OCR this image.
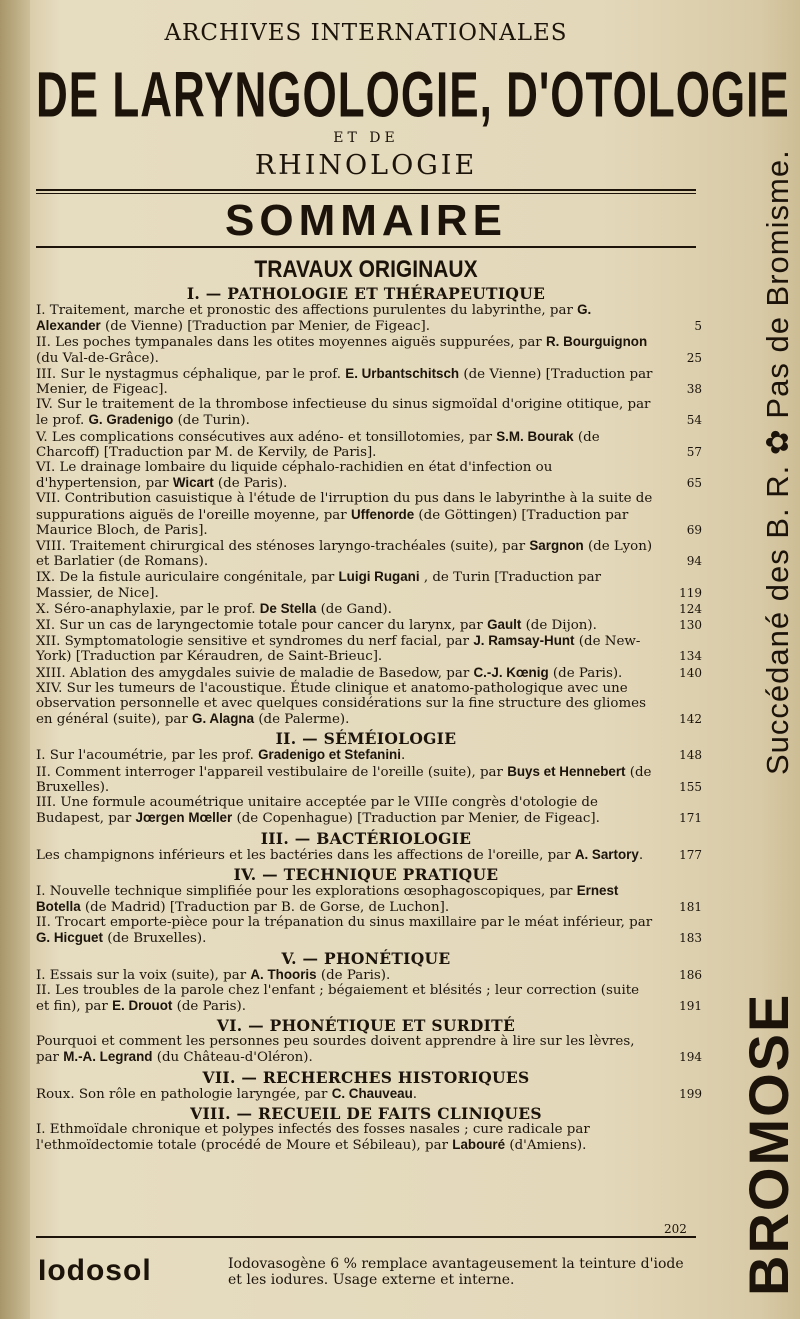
ARCHIVES INTERNATIONALES
DE LARYNGOLOGIE, D'OTOLOGIE
ET DE
RHINOLOGIE
SOMMAIRE
TRAVAUX ORIGINAUX
I. — PATHOLOGIE ET THÉRAPEUTIQUE
I. Traitement, marche et pronostic des affections purulentes du labyrinthe, par G. Alexander (de Vienne) [Traduction par Menier, de Figeac].	5
II. Les poches tympanales dans les otites moyennes aiguës suppurées, par R. Bourguignon (du Val-de-Grâce).	25
III. Sur le nystagmus céphalique, par le prof. E. Urbantschitsch (de Vienne) [Traduction par Menier, de Figeac].	38
IV. Sur le traitement de la thrombose infectieuse du sinus sigmoïdal d'origine otitique, par le prof. G. Gradenigo (de Turin).	54
V. Les complications consécutives aux adéno- et tonsillotomies, par S.M. Bourak (de Charcoff) [Traduction par M. de Kervily, de Paris].	57
VI. Le drainage lombaire du liquide céphalo-rachidien en état d'infection ou d'hypertension, par Wicart (de Paris).	65
VII. Contribution casuistique à l'étude de l'irruption du pus dans le labyrinthe à la suite de suppurations aiguës de l'oreille moyenne, par Uffenorde (de Göttingen) [Traduction par Maurice Bloch, de Paris].	69
VIII. Traitement chirurgical des sténoses laryngo-trachéales (suite), par Sargnon (de Lyon) et Barlatier (de Romans).	94
IX. De la fistule auriculaire congénitale, par Luigi Rugani , de Turin [Traduction par Massier, de Nice].	119
X. Séro-anaphylaxie, par le prof. De Stella (de Gand).	124
XI. Sur un cas de laryngectomie totale pour cancer du larynx, par Gault (de Dijon).	130
XII. Symptomatologie sensitive et syndromes du nerf facial, par J. Ramsay-Hunt (de New-York) [Traduction par Kéraudren, de Saint-Brieuc].	134
XIII. Ablation des amygdales suivie de maladie de Basedow, par C.-J. Kœnig (de Paris).	140
XIV. Sur les tumeurs de l'acoustique. Étude clinique et anatomo-pathologique avec une observation personnelle et avec quelques considérations sur la fine structure des gliomes en général (suite), par G. Alagna (de Palerme).	142
II. — SÉMÉIOLOGIE
I. Sur l'acoumétrie, par les prof. Gradenigo et Stefanini.	148
II. Comment interroger l'appareil vestibulaire de l'oreille (suite), par Buys et Hennebert (de Bruxelles).	155
III. Une formule acoumétrique unitaire acceptée par le VIIIe congrès d'otologie de Budapest, par Jœrgen Mœller (de Copenhague) [Traduction par Menier, de Figeac].	171
III. — BACTÉRIOLOGIE
Les champignons inférieurs et les bactéries dans les affections de l'oreille, par A. Sartory.	177
IV. — TECHNIQUE PRATIQUE
I. Nouvelle technique simplifiée pour les explorations œsophagoscopiques, par Ernest Botella (de Madrid) [Traduction par B. de Gorse, de Luchon].	181
II. Trocart emporte-pièce pour la trépanation du sinus maxillaire par le méat inférieur, par G. Hicguet (de Bruxelles).	183
V. — PHONÉTIQUE
I. Essais sur la voix (suite), par A. Thooris (de Paris).	186
II. Les troubles de la parole chez l'enfant ; bégaiement et blésités ; leur correction (suite et fin), par E. Drouot (de Paris).	191
VI. — PHONÉTIQUE ET SURDITÉ
Pourquoi et comment les personnes peu sourdes doivent apprendre à lire sur les lèvres, par M.-A. Legrand (du Château-d'Oléron).	194
VII. — RECHERCHES HISTORIQUES
Roux. Son rôle en pathologie laryngée, par C. Chauveau.	199
VIII. — RECUEIL DE FAITS CLINIQUES
I. Ethmoïdale chronique et polypes infectés des fosses nasales ; cure radicale par l'ethmoïdectomie totale (procédé de Moure et Sébileau), par Labouré (d'Amiens).
202
Iodosol	Iodovasogène 6 % remplace avantageusement la teinture d'iode et les iodures. Usage externe et interne.
Succédané des B. R. ✿ Pas de Bromisme.
BROMOSE
